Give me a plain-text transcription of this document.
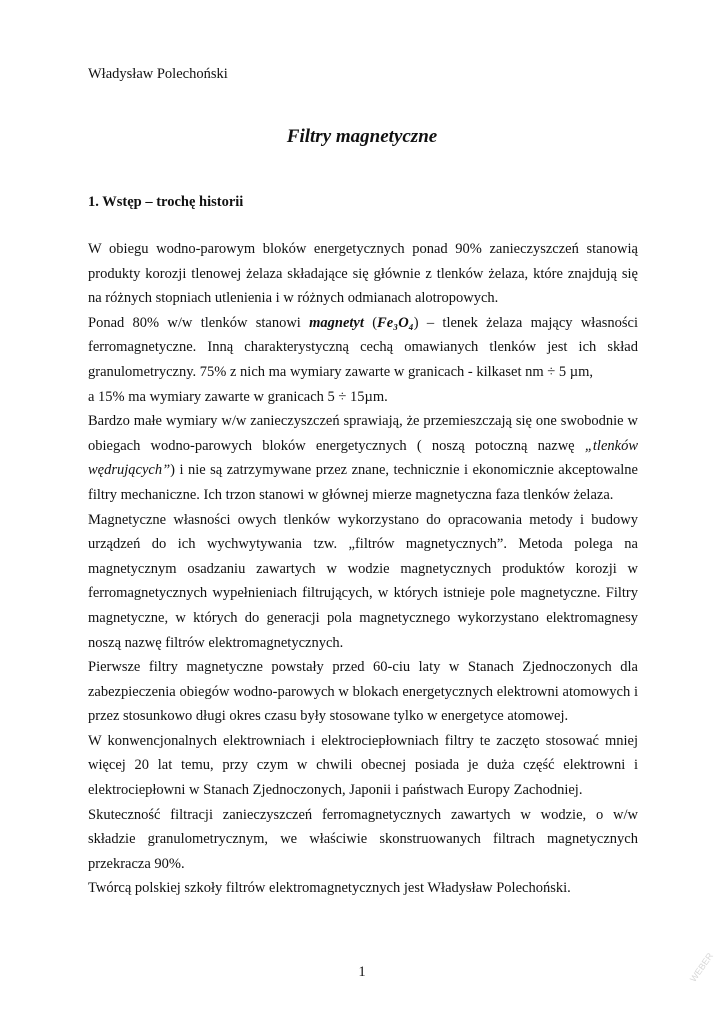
Władysław Polechoński
Filtry magnetyczne
1. Wstęp – trochę historii

W obiegu wodno-parowym bloków energetycznych ponad 90% zanieczyszczeń stanowią produkty korozji tlenowej żelaza składające się głównie z tlenków żelaza, które znajdują się na różnych stopniach utlenienia i w różnych odmianach alotropowych.

Ponad 80% w/w tlenków stanowi magnetyt (Fe₃O₄) – tlenek żelaza mający własności ferromagnetyczne. Inną charakterystyczną cechą omawianych tlenków jest ich skład granulometryczny. 75% z nich ma wymiary zawarte w granicach - kilkaset nm ÷ 5 µm,

a 15% ma wymiary zawarte w granicach 5 ÷ 15µm.

Bardzo małe wymiary w/w zanieczyszczeń sprawiają, że przemieszczają się one swobodnie w obiegach wodno-parowych bloków energetycznych ( noszą potoczną nazwę „tlenków wędrujących”) i nie są zatrzymywane przez znane, technicznie i ekonomicznie akceptowalne filtry mechaniczne. Ich trzon stanowi w głównej mierze magnetyczna faza tlenków żelaza.

Magnetyczne własności owych tlenków wykorzystano do opracowania metody i budowy urządzeń do ich wychwytywania tzw. „filtrów magnetycznych”. Metoda polega na magnetycznym osadzaniu zawartych w wodzie magnetycznych produktów korozji w ferromagnetycznych wypełnieniach filtrujących, w których istnieje pole magnetyczne. Filtry magnetyczne, w których do generacji pola magnetycznego wykorzystano elektromagnesy noszą nazwę filtrów elektromagnetycznych.

Pierwsze filtry magnetyczne powstały przed 60-ciu laty w Stanach Zjednoczonych dla zabezpieczenia obiegów wodno-parowych w blokach energetycznych elektrowni atomowych i przez stosunkowo długi okres czasu były stosowane tylko w energetyce atomowej.

W konwencjonalnych elektrowniach i elektrociepłowniach filtry te zaczęto stosować mniej więcej 20 lat temu, przy czym w chwili obecnej posiada je duża część elektrowni i elektrociepłowni w Stanach Zjednoczonych, Japonii i państwach Europy Zachodniej.

Skuteczność filtracji zanieczyszczeń ferromagnetycznych zawartych w wodzie, o w/w składzie granulometrycznym, we właściwie skonstruowanych filtrach magnetycznych przekracza 90%.

Twórcą polskiej szkoły filtrów elektromagnetycznych jest Władysław Polechoński.

1	WEBER
